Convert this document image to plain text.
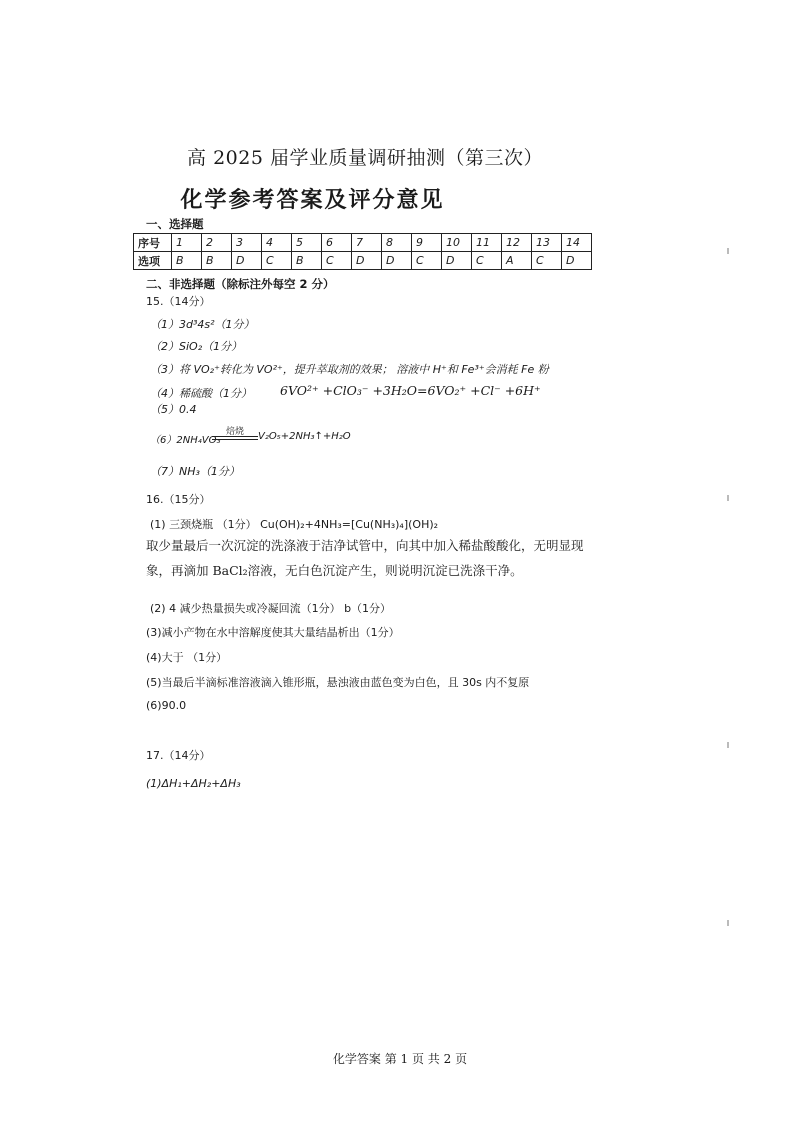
高 2025 届学业质量调研抽测（第三次）
化学参考答案及评分意见
一、选择题
序号	1	2	3	4	5	6	7	8	9	10	11	12	13	14
选项	B	B	D	C	B	C	D	D	C	D	C	A	C	D
二、非选择题（除标注外每空 2 分）
15.（14分）
（1）3d³4s²（1分）
（2）SiO₂（1分）
（3）将 VO₂⁺转化为 VO²⁺，提升萃取剂的效果； 溶液中 H⁺和 Fe³⁺会消耗 Fe 粉
（4）稀硫酸（1分） 6VO²⁺ +ClO₃⁻ +3H₂O=6VO₂⁺ +Cl⁻ +6H⁺
（5）0.4
（6）2NH₄VO₃
焙烧	V₂O₅+2NH₃↑+H₂O
（7）NH₃（1分）
16.（15分）
(1) 三颈烧瓶 （1分） Cu(OH)₂+4NH₃=[Cu(NH₃)₄](OH)₂
取少量最后一次沉淀的洗涤液于洁净试管中，向其中加入稀盐酸酸化，无明显现象，再滴加 BaCl₂溶液，无白色沉淀产生，则说明沉淀已洗涤干净。
(2) 4 减少热量损失或冷凝回流（1分） b（1分）
(3)减小产物在水中溶解度使其大量结晶析出（1分）
(4)大于 （1分）
(5)当最后半滴标准溶液滴入锥形瓶，悬浊液由蓝色变为白色，且 30s 内不复原
(6)90.0
17.（14分）
(1)ΔH₁+ΔH₂+ΔH₃
化学答案 第 1 页 共 2 页
